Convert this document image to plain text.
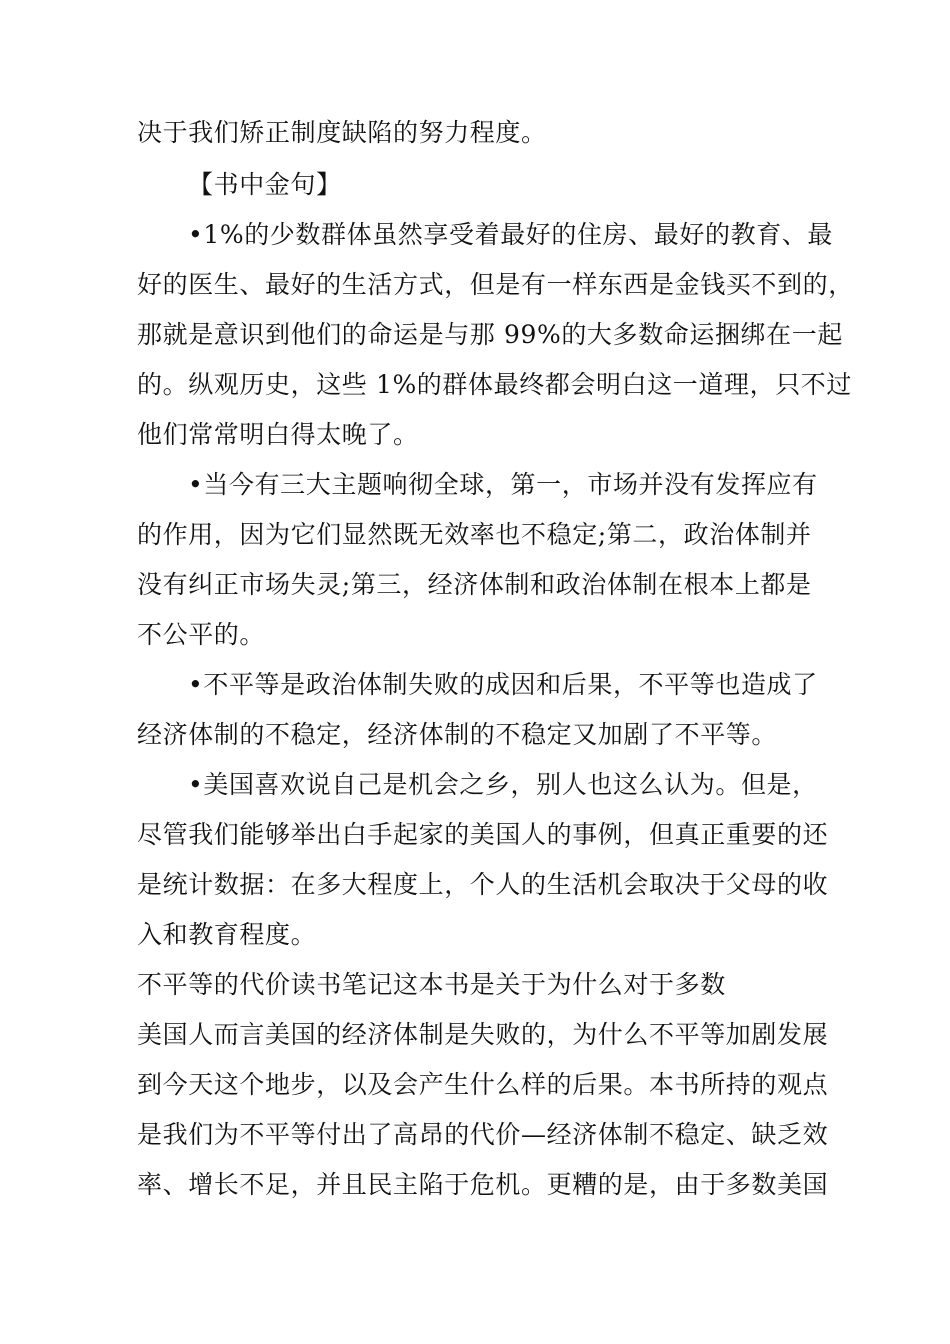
决于我们矫正制度缺陷的努力程度。
【书中金句】
•1%的少数群体虽然享受着最好的住房、最好的教育、最
好的医生、最好的生活方式，但是有一样东西是金钱买不到的，
那就是意识到他们的命运是与那 99%的大多数命运捆绑在一起
的。纵观历史，这些 1%的群体最终都会明白这一道理，只不过
他们常常明白得太晚了。
•当今有三大主题响彻全球，第一，市场并没有发挥应有
的作用，因为它们显然既无效率也不稳定;第二，政治体制并
没有纠正市场失灵;第三，经济体制和政治体制在根本上都是
不公平的。
•不平等是政治体制失败的成因和后果，不平等也造成了
经济体制的不稳定，经济体制的不稳定又加剧了不平等。
•美国喜欢说自己是机会之乡，别人也这么认为。但是，
尽管我们能够举出白手起家的美国人的事例，但真正重要的还
是统计数据：在多大程度上，个人的生活机会取决于父母的收
入和教育程度。
不平等的代价读书笔记这本书是关于为什么对于多数
美国人而言美国的经济体制是失败的，为什么不平等加剧发展
到今天这个地步，以及会产生什么样的后果。本书所持的观点
是我们为不平等付出了高昂的代价—经济体制不稳定、缺乏效
率、增长不足，并且民主陷于危机。更糟的是，由于多数美国
